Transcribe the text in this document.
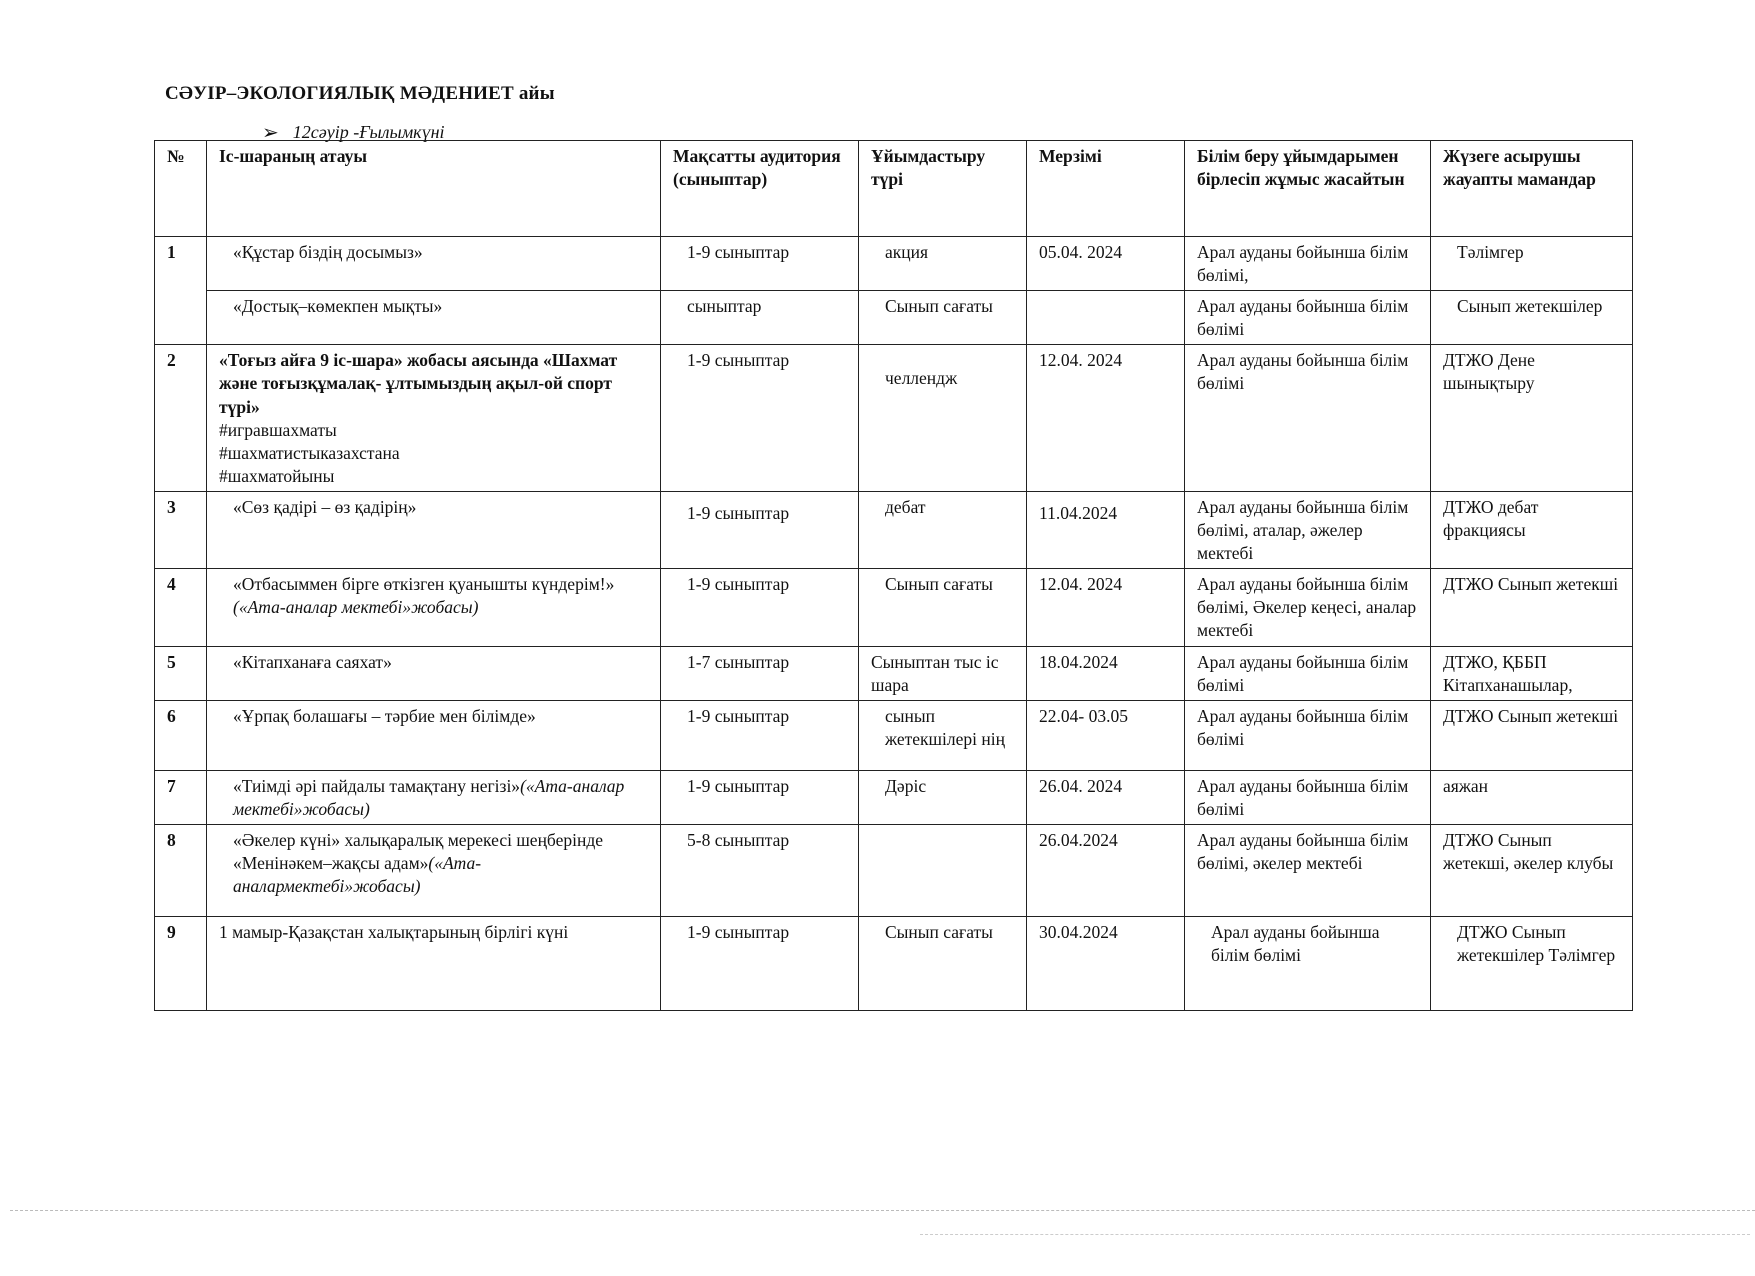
СӘУІР–ЭКОЛОГИЯЛЫҚ МӘДЕНИЕТ айы
➢ 12сәуір -Ғылымкүні
№	Іс-шараның атауы	Мақсатты аудитория (сыныптар)	Ұйымдастыру түрі	Мерзімі	Білім беру ұйымдарымен бірлесіп жұмыс жасайтын	Жүзеге асырушы жауапты мамандар
1	«Құстар біздің досымыз»	1-9 сыныптар	акция	05.04. 2024	Арал ауданы бойынша білім бөлімі,	Тәлімгер
	«Достық–көмекпен мықты»	сыныптар	Сынып сағаты		Арал ауданы бойынша білім бөлімі	Сынып жетекшілер
2	«Тоғыз айға 9 іс-шара» жобасы аясында «Шахмат және тоғызқұмалақ- ұлтымыздың ақыл-ой спорт түрі»
#игравшахматы
#шахматистыказахстана
#шахматойыны	1-9 сыныптар	челлендж	12.04. 2024	Арал ауданы бойынша білім бөлімі	ДТЖО Дене шынықтыру
3	«Сөз қадірі – өз қадірің»	1-9 сыныптар	дебат	11.04.2024	Арал ауданы бойынша білім бөлімі, аталар, әжелер мектебі	ДТЖО дебат фракциясы
4	«Отбасыммен бірге өткізген қуанышты күндерім!»
(«Ата-аналар мектебі»жобасы)	1-9 сыныптар	Сынып сағаты	12.04. 2024	Арал ауданы бойынша білім бөлімі, Әкелер кеңесі, аналар мектебі	ДТЖО Сынып жетекші
5	«Кітапханаға саяхат»	1-7 сыныптар	Сыныптан тыс іс шара	18.04.2024	Арал ауданы бойынша білім бөлімі	ДТЖО, ҚББП Кітапханашылар,
6	«Ұрпақ болашағы – тәрбие мен білімде»	1-9 сыныптар	сынып жетекшілері нің	22.04- 03.05	Арал ауданы бойынша білім бөлімі	ДТЖО Сынып жетекші
7	«Тиімді әрі пайдалы тамақтану негізі»(«Ата-аналар мектебі»жобасы)	1-9 сыныптар	Дәріс	26.04. 2024	Арал ауданы бойынша білім бөлімі	аяжан
8	«Әкелер күні» халықаралық мерекесі шеңберінде «Менінәкем–жақсы адам»(«Ата-аналармектебі»жобасы)	5-8 сыныптар		26.04.2024	Арал ауданы бойынша білім бөлімі, әкелер мектебі	ДТЖО Сынып жетекші, әкелер клубы
9	1 мамыр-Қазақстан халықтарының бірлігі күні	1-9 сыныптар	Сынып сағаты	30.04.2024	Арал ауданы бойынша білім бөлімі	ДТЖО Сынып жетекшілер Тәлімгер
